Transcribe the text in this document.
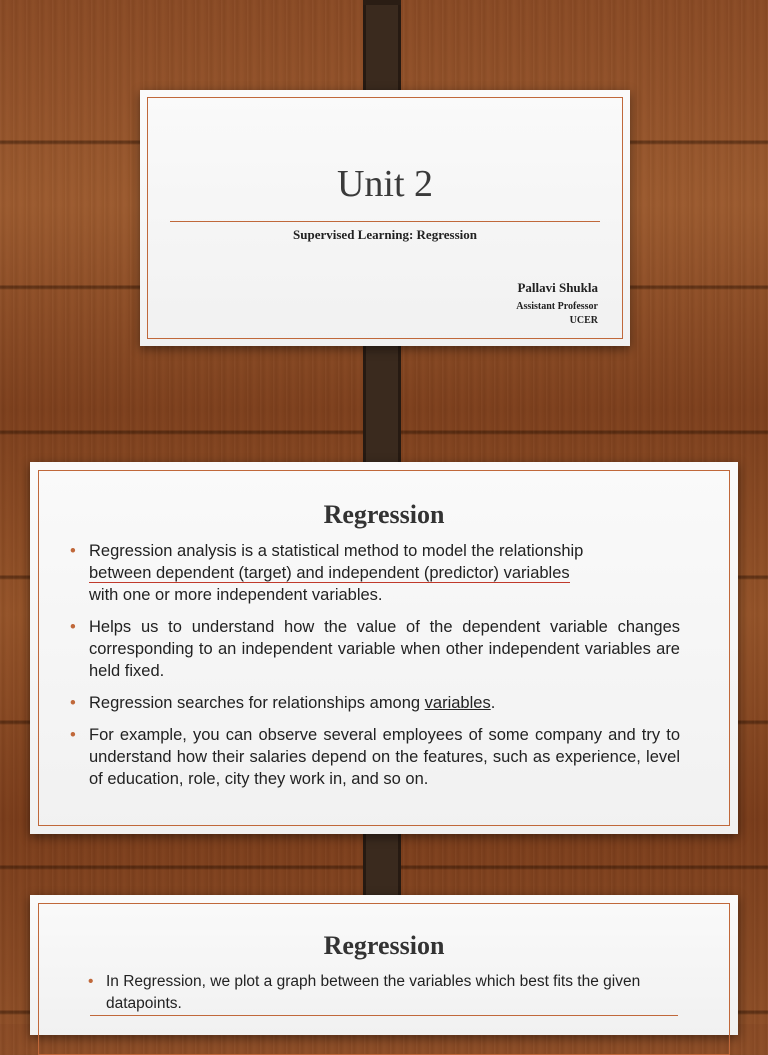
Unit 2
Supervised Learning: Regression
Pallavi Shukla
Assistant Professor
UCER
Regression
• Regression analysis is a statistical method to model the relationship
between dependent (target) and independent (predictor) variables
with one or more independent variables.
• Helps us to understand how the value of the dependent variable changes corresponding to an independent variable when other independent variables are held fixed.
• Regression searches for relationships among variables.
• For example, you can observe several employees of some company and try to understand how their salaries depend on the features, such as experience, level of education, role, city they work in, and so on.
Regression
• In Regression, we plot a graph between the variables which best fits the given datapoints.
